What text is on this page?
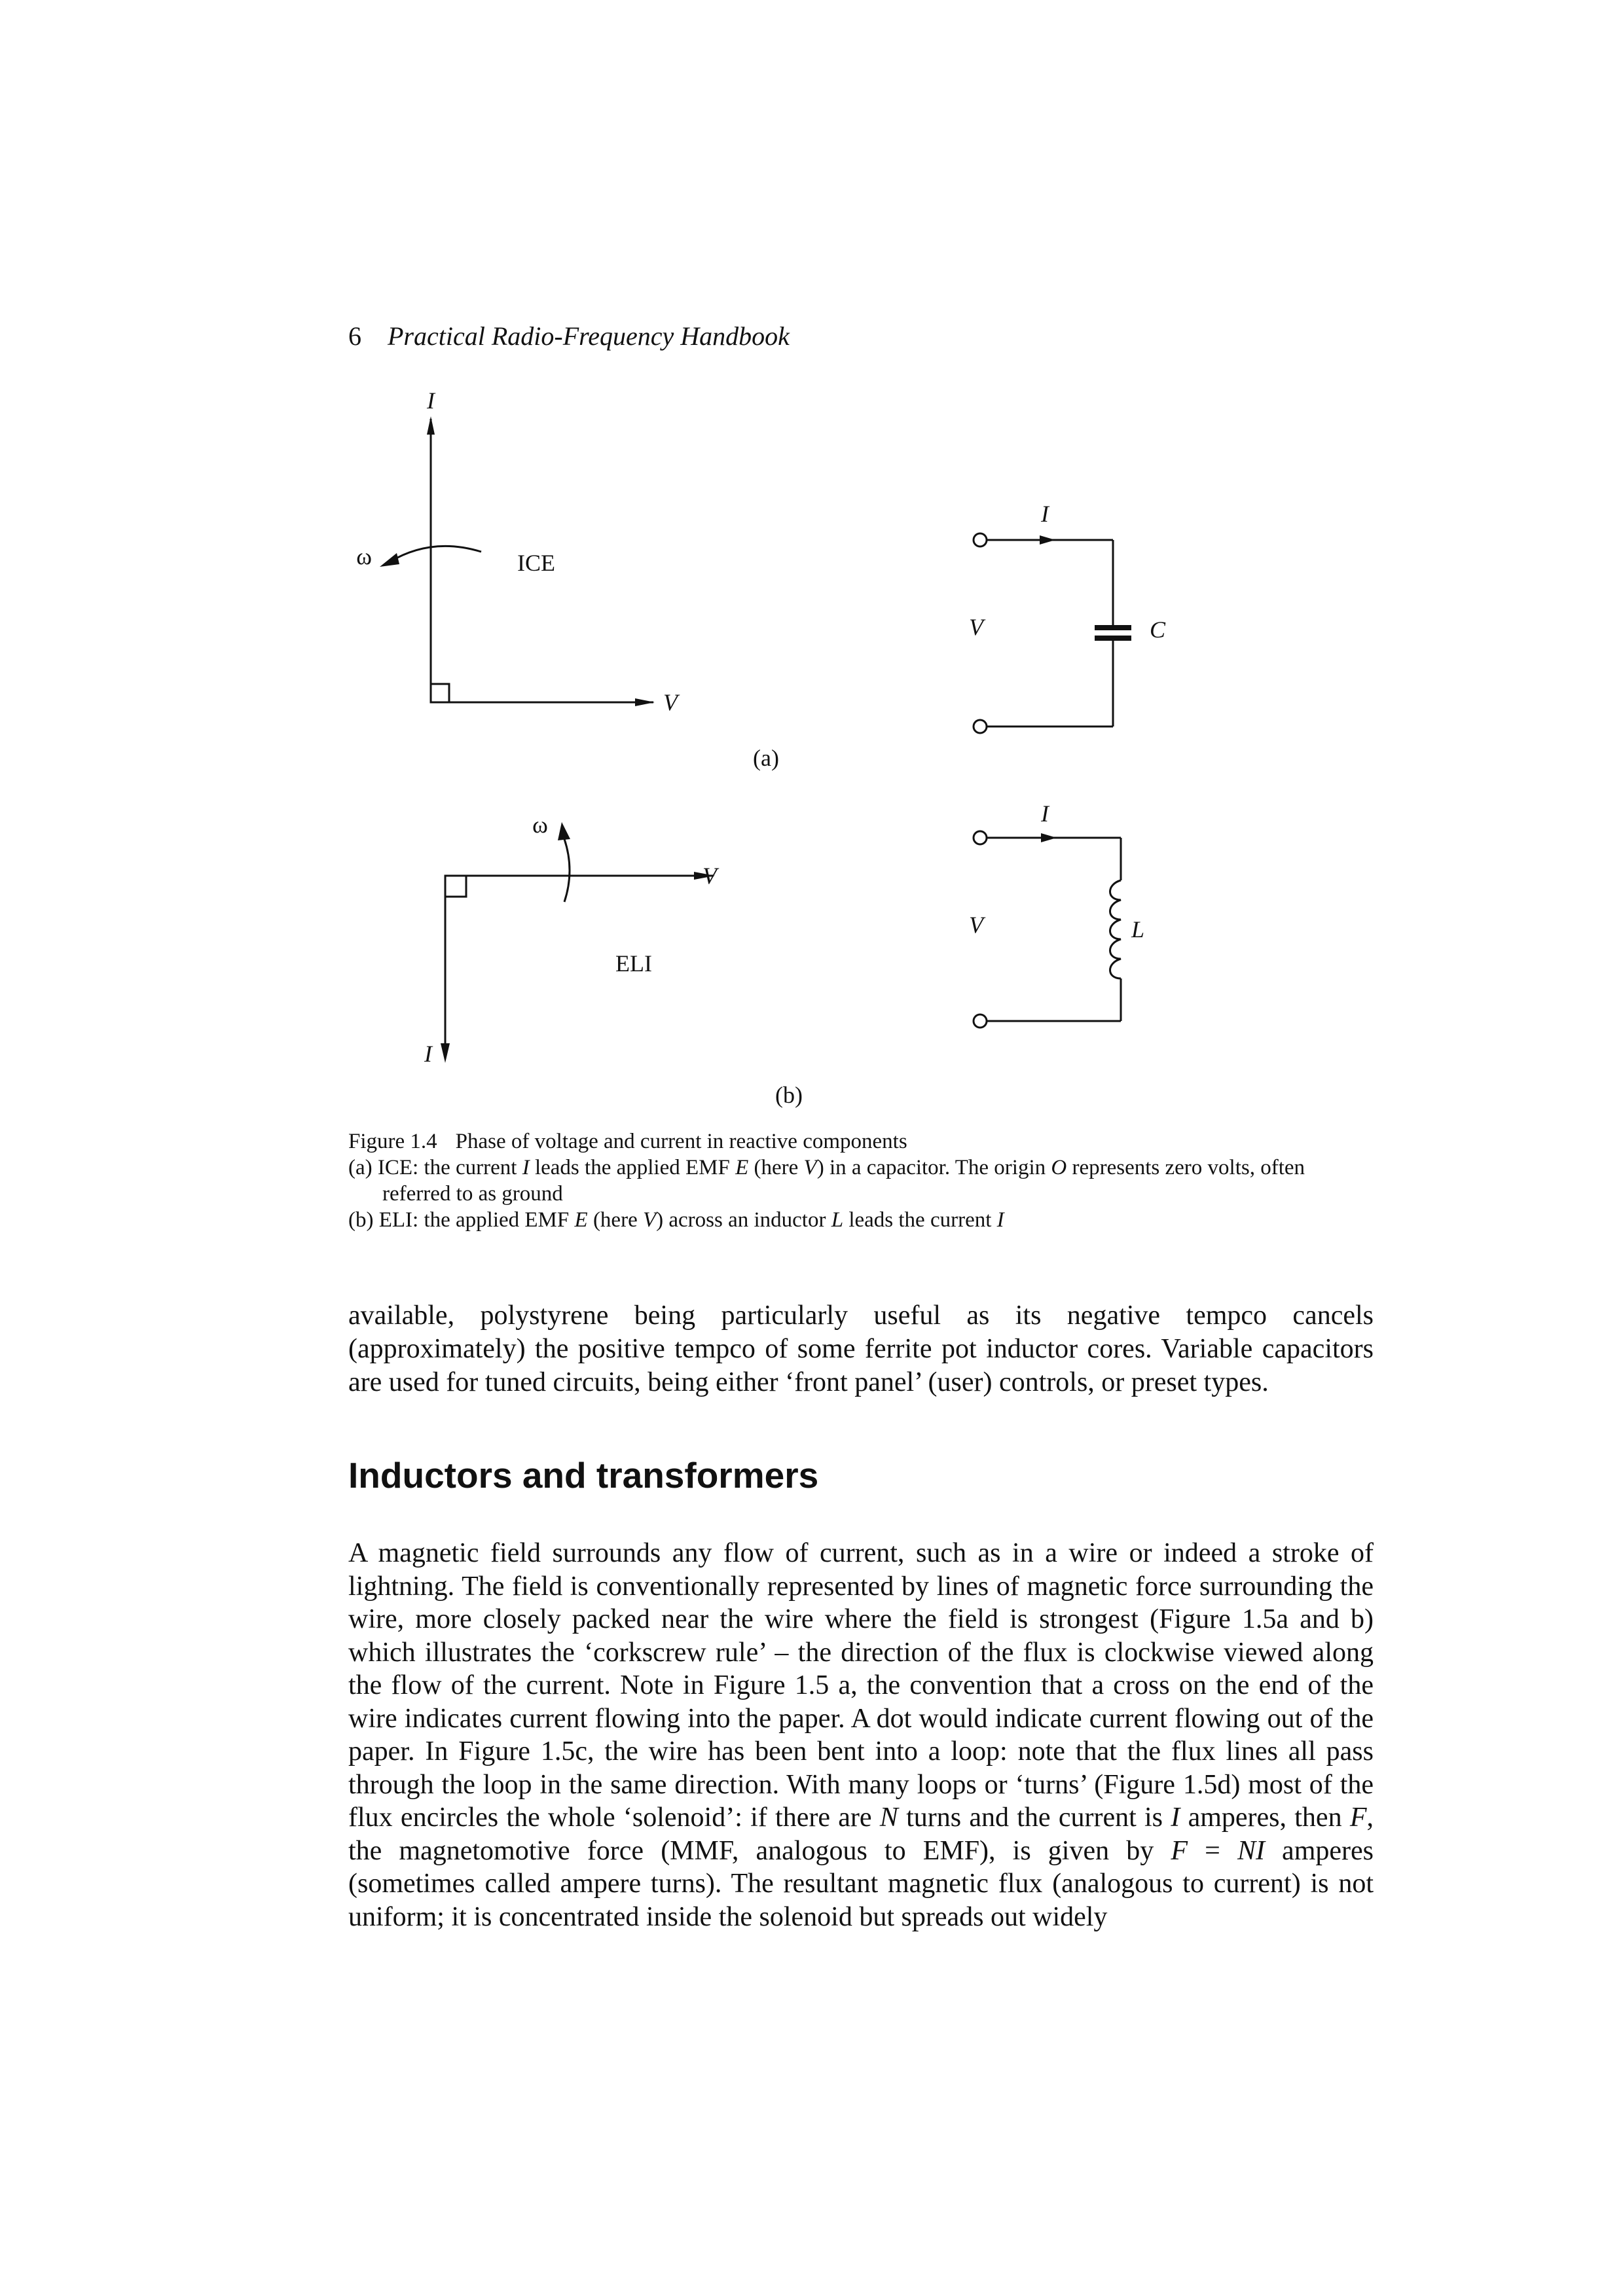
6 Practical Radio-Frequency Handbook
I
ω	ICE
V
I
V	C
(a)
ω
V
ELI
I
I
V	L
(b)
Figure 1.4 Phase of voltage and current in reactive components
(a) ICE: the current I leads the applied EMF E (here V) in a capacitor. The origin O represents zero volts, often
referred to as ground
(b) ELI: the applied EMF E (here V) across an inductor L leads the current I

available, polystyrene being particularly useful as its negative tempco cancels (approximately) the positive tempco of some ferrite pot inductor cores. Variable capacitors are used for tuned circuits, being either ‘front panel’ (user) controls, or preset types.

Inductors and transformers

A magnetic field surrounds any flow of current, such as in a wire or indeed a stroke of lightning. The field is conventionally represented by lines of magnetic force surrounding the wire, more closely packed near the wire where the field is strongest (Figure 1.5a and b) which illustrates the ‘corkscrew rule’ – the direction of the flux is clockwise viewed along the flow of the current. Note in Figure 1.5 a, the convention that a cross on the end of the wire indicates current flowing into the paper. A dot would indicate current flowing out of the paper. In Figure 1.5c, the wire has been bent into a loop: note that the flux lines all pass through the loop in the same direction. With many loops or ‘turns’ (Figure 1.5d) most of the flux encircles the whole ‘solenoid’: if there are N turns and the current is I amperes, then F, the magnetomotive force (MMF, analogous to EMF), is given by F = NI amperes (sometimes called ampere turns). The resultant magnetic flux (analogous to current) is not uniform; it is concentrated inside the solenoid but spreads out widely
